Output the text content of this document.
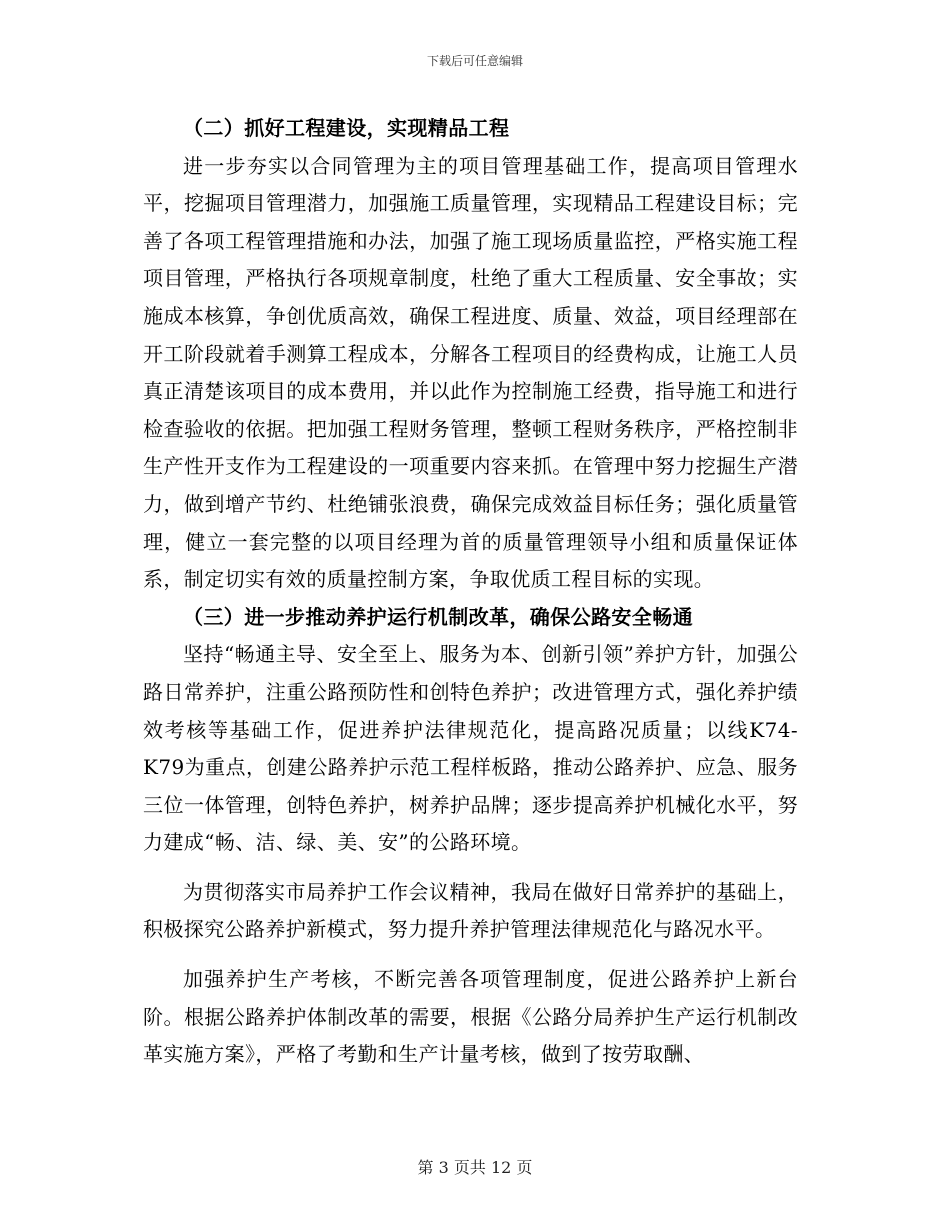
下载后可任意编辑

（二）抓好工程建设，实现精品工程

进一步夯实以合同管理为主的项目管理基础工作，提高项目管理水平，挖掘项目管理潜力，加强施工质量管理，实现精品工程建设目标；完善了各项工程管理措施和办法，加强了施工现场质量监控，严格实施工程项目管理，严格执行各项规章制度，杜绝了重大工程质量、安全事故；实施成本核算，争创优质高效，确保工程进度、质量、效益，项目经理部在开工阶段就着手测算工程成本，分解各工程项目的经费构成，让施工人员真正清楚该项目的成本费用，并以此作为控制施工经费，指导施工和进行检查验收的依据。把加强工程财务管理，整顿工程财务秩序，严格控制非生产性开支作为工程建设的一项重要内容来抓。在管理中努力挖掘生产潜力，做到增产节约、杜绝铺张浪费，确保完成效益目标任务；强化质量管理，健立一套完整的以项目经理为首的质量管理领导小组和质量保证体系，制定切实有效的质量控制方案，争取优质工程目标的实现。

（三）进一步推动养护运行机制改革，确保公路安全畅通

坚持“畅通主导、安全至上、服务为本、创新引领”养护方针，加强公路日常养护，注重公路预防性和创特色养护；改进管理方式，强化养护绩效考核等基础工作，促进养护法律规范化，提高路况质量；以线K74-K79为重点，创建公路养护示范工程样板路，推动公路养护、应急、服务三位一体管理，创特色养护，树养护品牌；逐步提高养护机械化水平，努力建成“畅、洁、绿、美、安”的公路环境。

为贯彻落实市局养护工作会议精神，我局在做好日常养护的基础上，积极探究公路养护新模式，努力提升养护管理法律规范化与路况水平。

加强养护生产考核，不断完善各项管理制度，促进公路养护上新台阶。根据公路养护体制改革的需要，根据《公路分局养护生产运行机制改革实施方案》，严格了考勤和生产计量考核，做到了按劳取酬、

第 3 页共 12 页
